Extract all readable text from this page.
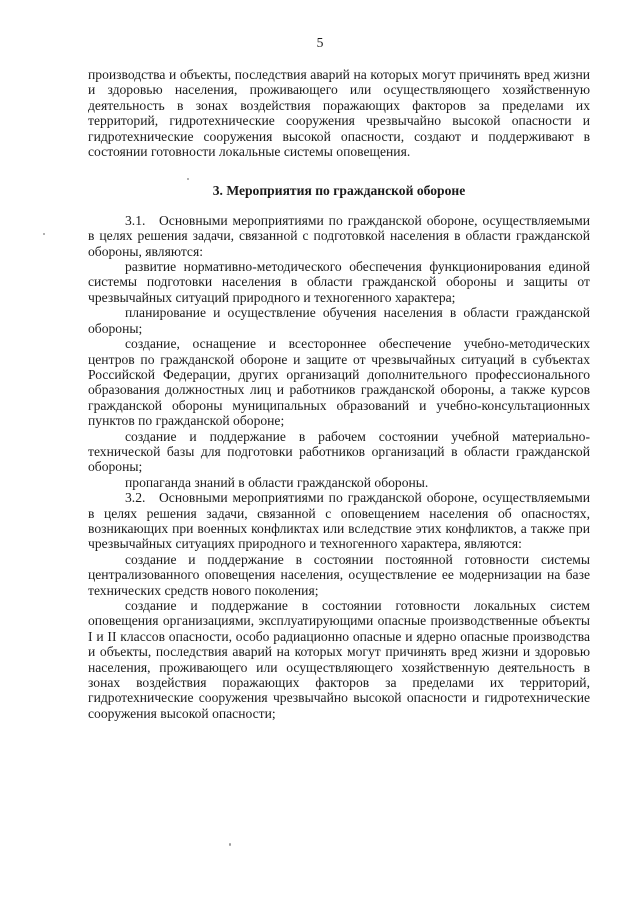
5

производства и объекты, последствия аварий на которых могут причинять вред жизни и здоровью населения, проживающего или осуществляющего хозяйственную деятельность в зонах воздействия поражающих факторов за пределами их территорий, гидротехнические сооружения чрезвычайно высокой опасности и гидротехнические сооружения высокой опасности, создают и поддерживают в состоянии готовности локальные системы оповещения.

3. Мероприятия по гражданской обороне

3.1. Основными мероприятиями по гражданской обороне, осуществляемыми в целях решения задачи, связанной с подготовкой населения в области гражданской обороны, являются:

развитие нормативно-методического обеспечения функционирования единой системы подготовки населения в области гражданской обороны и защиты от чрезвычайных ситуаций природного и техногенного характера;

планирование и осуществление обучения населения в области гражданской обороны;

создание, оснащение и всестороннее обеспечение учебно-методических центров по гражданской обороне и защите от чрезвычайных ситуаций в субъектах Российской Федерации, других организаций дополнительного профессионального образования должностных лиц и работников гражданской обороны, а также курсов гражданской обороны муниципальных образований и учебно-консультационных пунктов по гражданской обороне;

создание и поддержание в рабочем состоянии учебной материально-технической базы для подготовки работников организаций в области гражданской обороны;

пропаганда знаний в области гражданской обороны.

3.2. Основными мероприятиями по гражданской обороне, осуществляемыми в целях решения задачи, связанной с оповещением населения об опасностях, возникающих при военных конфликтах или вследствие этих конфликтов, а также при чрезвычайных ситуациях природного и техногенного характера, являются:

создание и поддержание в состоянии постоянной готовности системы централизованного оповещения населения, осуществление ее модернизации на базе технических средств нового поколения;

создание и поддержание в состоянии готовности локальных систем оповещения организациями, эксплуатирующими опасные производственные объекты I и II классов опасности, особо радиационно опасные и ядерно опасные производства и объекты, последствия аварий на которых могут причинять вред жизни и здоровью населения, проживающего или осуществляющего хозяйственную деятельность в зонах воздействия поражающих факторов за пределами их территорий, гидротехнические сооружения чрезвычайно высокой опасности и гидротехнические сооружения высокой опасности;
